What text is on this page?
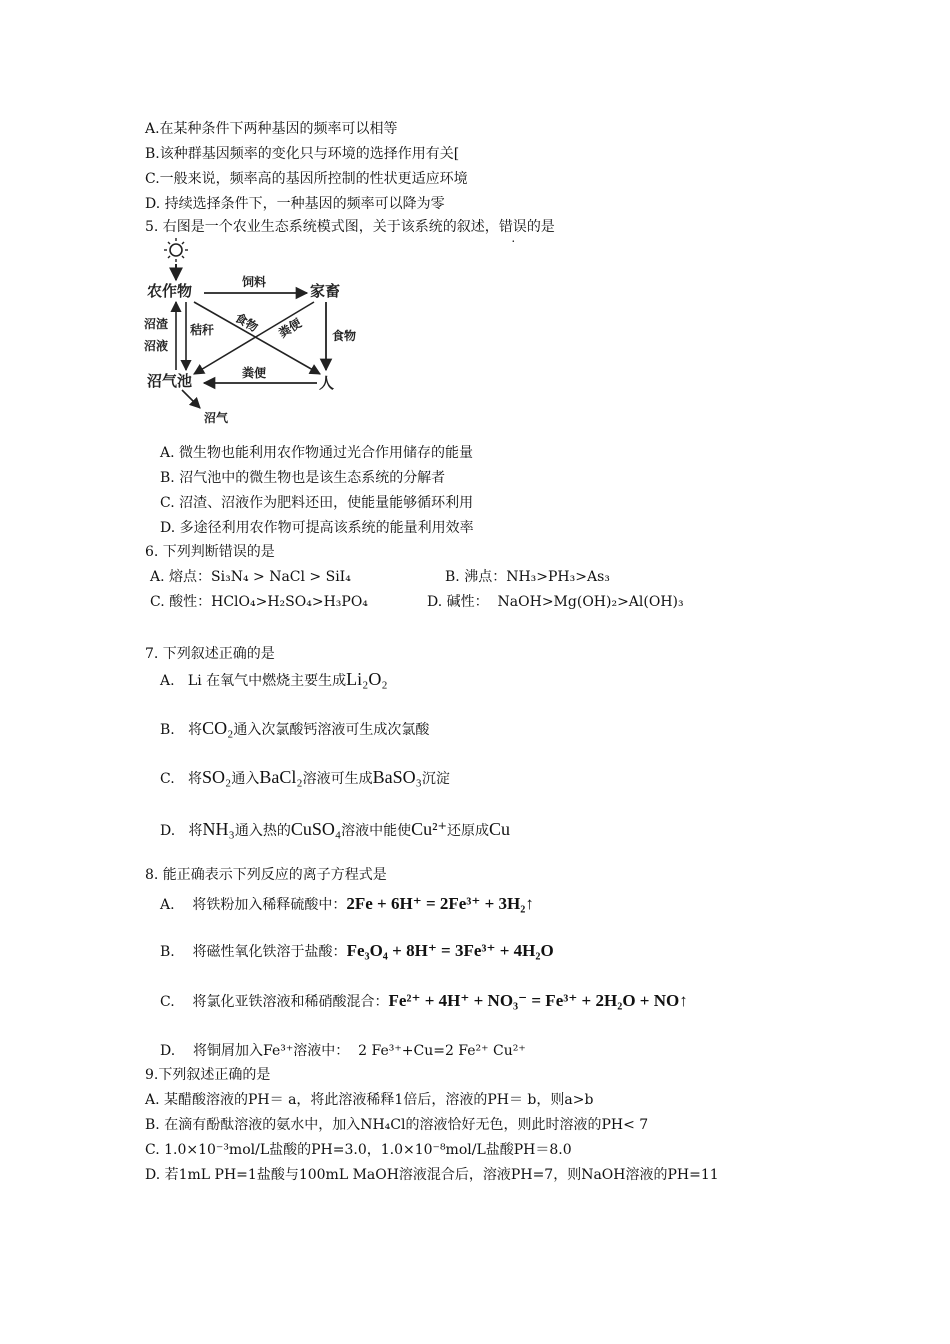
A.在某种条件下两种基因的频率可以相等
B.该种群基因频率的变化只与环境的选择作用有关[
C.一般来说，频率高的基因所控制的性状更适应环境
D. 持续选择条件下，一种基因的频率可以降为零
5. 右图是一个农业生态系统模式图，关于该系统的叙述，错误的是
农作物	家畜
沼气池	人
饲料
食物
食物 粪便
粪便
秸秆
沼渣
沼液
沼气
A. 微生物也能利用农作物通过光合作用储存的能量
B. 沼气池中的微生物也是该生态系统的分解者
C. 沼渣、沼液作为肥料还田，使能量能够循环利用
D. 多途径利用农作物可提高该系统的能量利用效率
6. 下列判断错误的是
A. 熔点：Si₃N₄ > NaCl > SiI₄	B. 沸点：NH₃>PH₃>As₃
C. 酸性：HClO₄>H₂SO₄>H₃PO₄	D. 碱性： NaOH>Mg(OH)₂>Al(OH)₃
7. 下列叙述正确的是
A. Li 在氧气中燃烧主要生成Li₂O₂
B. 将CO₂通入次氯酸钙溶液可生成次氯酸
C. 将SO₂通入BaCl₂溶液可生成BaSO₃沉淀
D. 将NH₃通入热的CuSO₄溶液中能使Cu²⁺还原成Cu
8. 能正确表示下列反应的离子方程式是
A. 将铁粉加入稀释硫酸中：2Fe + 6H⁺ = 2Fe³⁺ + 3H₂↑
B. 将磁性氧化铁溶于盐酸：Fe₃O₄ + 8H⁺ = 3Fe³⁺ + 4H₂O
C. 将氯化亚铁溶液和稀硝酸混合：Fe²⁺ + 4H⁺ + NO₃⁻ = Fe³⁺ + 2H₂O + NO↑
D. 将铜屑加入Fe³⁺溶液中： 2 Fe³⁺+Cu=2 Fe²⁺ Cu²⁺
9.下列叙述正确的是
A. 某醋酸溶液的PH＝ a，将此溶液稀释1倍后，溶液的PH＝ b，则a>b
B. 在滴有酚酞溶液的氨水中，加入NH₄Cl的溶液恰好无色，则此时溶液的PH< 7
C. 1.0×10⁻³mol/L盐酸的PH=3.0，1.0×10⁻⁸mol/L盐酸PH＝8.0
D. 若1mL PH=1盐酸与100mL MaOH溶液混合后，溶液PH=7，则NaOH溶液的PH=11
